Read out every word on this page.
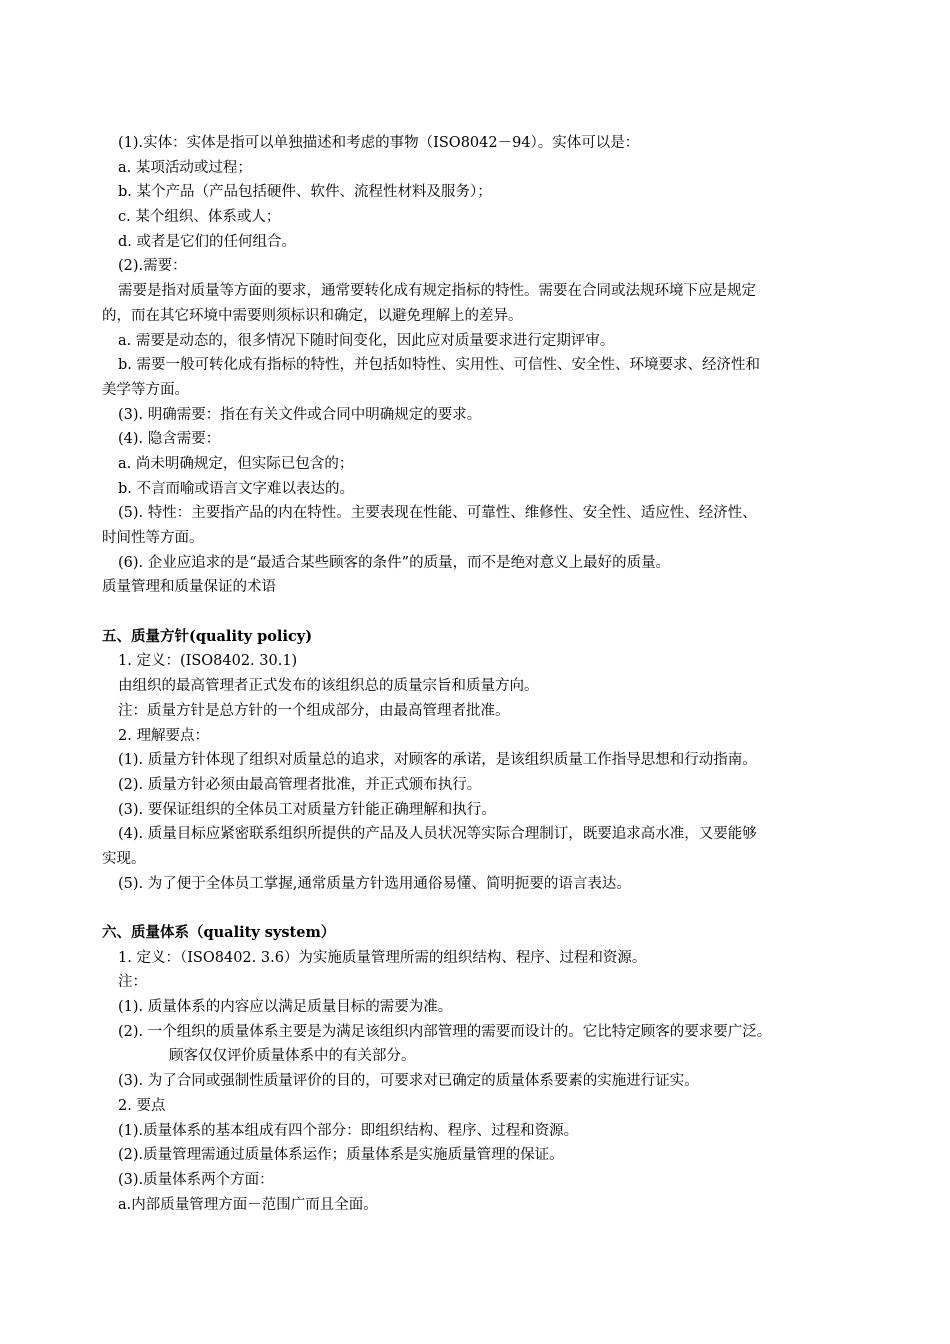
(1).实体：实体是指可以单独描述和考虑的事物（ISO8042－94）。实体可以是：
a. 某项活动或过程；
b. 某个产品（产品包括硬件、软件、流程性材料及服务）；
c. 某个组织、体系或人；
d. 或者是它们的任何组合。
(2).需要：
需要是指对质量等方面的要求，通常要转化成有规定指标的特性。需要在合同或法规环境下应是规定
的，而在其它环境中需要则须标识和确定，以避免理解上的差异。
a. 需要是动态的，很多情况下随时间变化，因此应对质量要求进行定期评审。
b. 需要一般可转化成有指标的特性，并包括如特性、实用性、可信性、安全性、环境要求、经济性和
美学等方面。
(3). 明确需要：指在有关文件或合同中明确规定的要求。
(4). 隐含需要：
a. 尚未明确规定，但实际已包含的；
b. 不言而喻或语言文字难以表达的。
(5). 特性：主要指产品的内在特性。主要表现在性能、可靠性、维修性、安全性、适应性、经济性、
时间性等方面。
(6). 企业应追求的是“最适合某些顾客的条件”的质量，而不是绝对意义上最好的质量。
质量管理和质量保证的术语
五、质量方针(quality policy)
1. 定义：(ISO8402. 30.1)
由组织的最高管理者正式发布的该组织总的质量宗旨和质量方向。
注：质量方针是总方针的一个组成部分，由最高管理者批准。
2. 理解要点：
(1). 质量方针体现了组织对质量总的追求，对顾客的承诺，是该组织质量工作指导思想和行动指南。
(2). 质量方针必须由最高管理者批准，并正式颁布执行。
(3). 要保证组织的全体员工对质量方针能正确理解和执行。
(4). 质量目标应紧密联系组织所提供的产品及人员状况等实际合理制订，既要追求高水准，又要能够
实现。
(5). 为了便于全体员工掌握,通常质量方针选用通俗易懂、简明扼要的语言表达。
六、质量体系（quality system）
1. 定义：（ISO8402. 3.6）为实施质量管理所需的组织结构、程序、过程和资源。
注：
(1). 质量体系的内容应以满足质量目标的需要为准。
(2). 一个组织的质量体系主要是为满足该组织内部管理的需要而设计的。它比特定顾客的要求要广泛。
顾客仅仅评价质量体系中的有关部分。
(3). 为了合同或强制性质量评价的目的，可要求对已确定的质量体系要素的实施进行证实。
2. 要点
(1).质量体系的基本组成有四个部分：即组织结构、程序、过程和资源。
(2).质量管理需通过质量体系运作；质量体系是实施质量管理的保证。
(3).质量体系两个方面：
a.内部质量管理方面－范围广而且全面。
